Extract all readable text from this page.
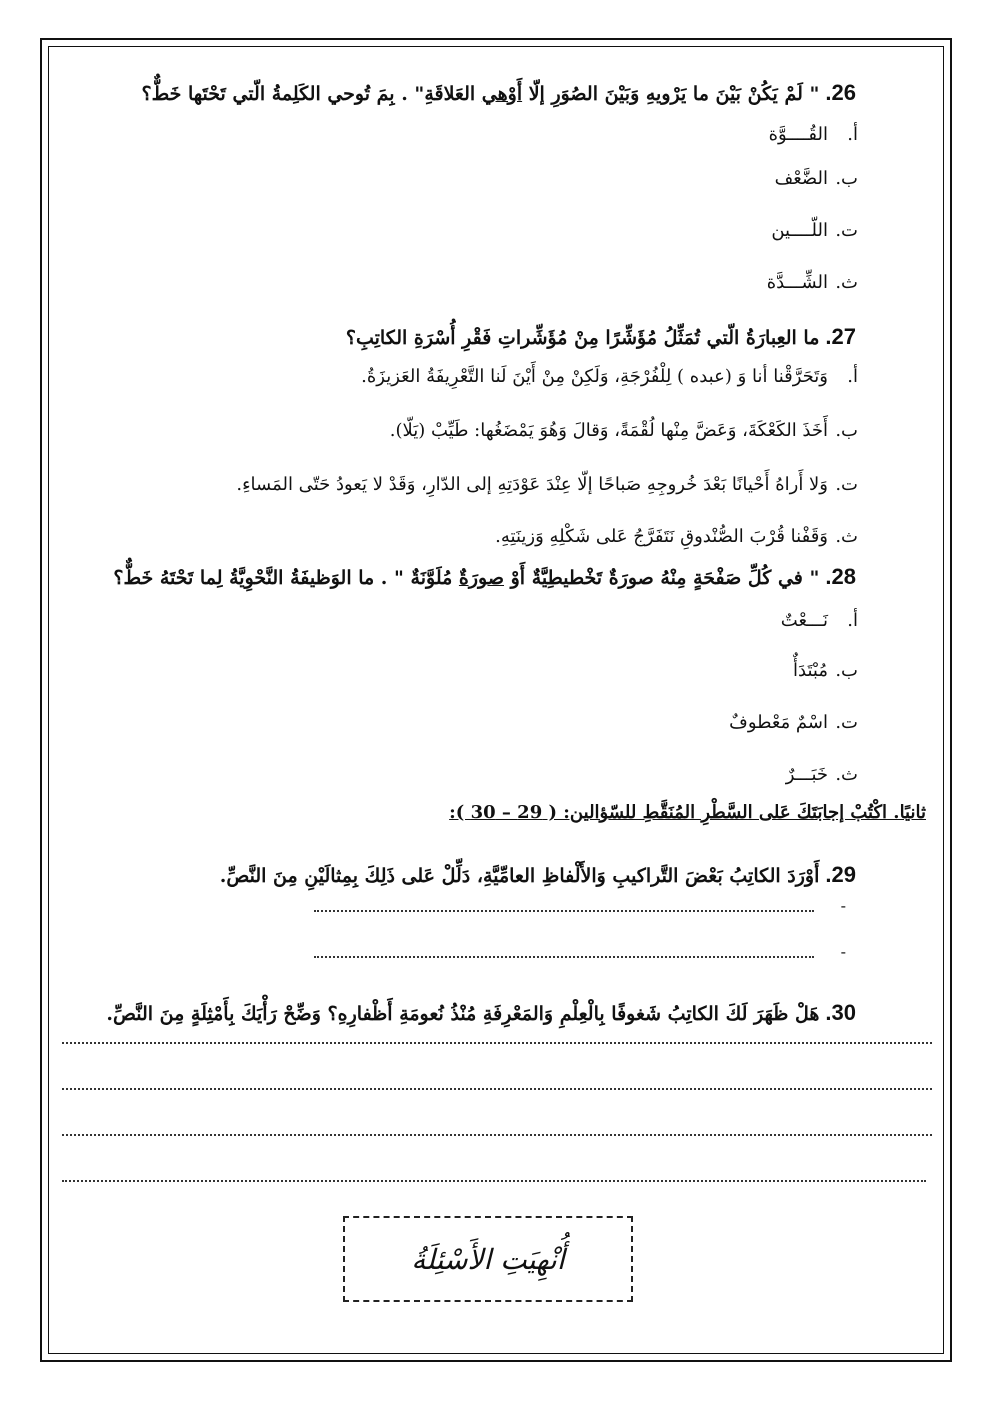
26." لَمْ يَكُنْ بَيْنَ ما يَرْويهِ وَبَيْنَ الصُوَرِ إلّا أَوْهي العَلاقَةِ" . بِمَ تُوحي الكَلِمةُ الّتي تَحْتَها خَطٌّ؟
أ.القُــــوَّة
ب.الضَّعْف
ت.اللّــــين
ث.الشِّـــدَّة
27.ما العِبارَةُ الّتي تُمَثِّلُ مُؤَشِّرًا مِنْ مُؤَشِّراتِ فَقْرِ أُسْرَةِ الكاتِبِ؟
أ.وَتَحَرَّقْنا أنا وَ (عبده ) لِلْفُرْجَةِ، وَلَكِنْ مِنْ أَيْنَ لَنا التَّعْرِيفَةُ العَزيزَةُ.
ب.أَخَذَ الكَعْكَةَ، وَعَضَّ مِنْها لُقْمَةً، وَقالَ وَهُوَ يَمْضَغُها: طَيِّبْ (يَلّا).
ت.وَلا أَراهُ أَحْيانًا بَعْدَ خُروجِهِ صَباحًا إلّا عِنْدَ عَوْدَتِهِ إلى الدّارِ، وَقَدْ لا يَعودُ حَتّى المَساءِ.
ث.وَقَفْنا قُرْبَ الصُّنْدوقِ نَتَفَرَّجُ عَلى شَكْلِهِ وَزينَتِهِ.
28." في كُلِّ صَفْحَةٍ مِنْهُ صورَةٌ تَخْطيطِيَّةٌ أَوْ صورَةٌ مُلَوَّنَةٌ " . ما الوَظيفَةُ النَّحْوِيَّةُ لِما تَحْتَهُ خَطٌّ؟
أ.نَـــعْتٌ
ب.مُبْتَدَأٌ
ت.اسْمٌ مَعْطوفٌ
ث.خَبَـــرٌ
ثانيًا. اكْتُبْ إجابَتَكَ عَلى السَّطْرِ المُنَقَّطِ للسّؤالين: ( 29 – 30 ):
29.أَوْرَدَ الكاتِبُ بَعْضَ التَّراكيبِ وَالأَلْفاظِ العامِّيَّةِ، دَلِّلْ عَلى ذَلِكَ بِمِثالَيْنِ مِنَ النَّصِّ.
-
-
30.هَلْ ظَهَرَ لَكَ الكاتِبُ شَغوفًا بِالْعِلْمِ وَالمَعْرِفَةِ مُنْذُ نُعومَةِ أَظْفارِهِ؟ وَضِّحْ رَأْيَكَ بِأَمْثِلَةٍ مِنَ النَّصِّ.
أُنْهِيَتِ الأَسْئِلَةُ
